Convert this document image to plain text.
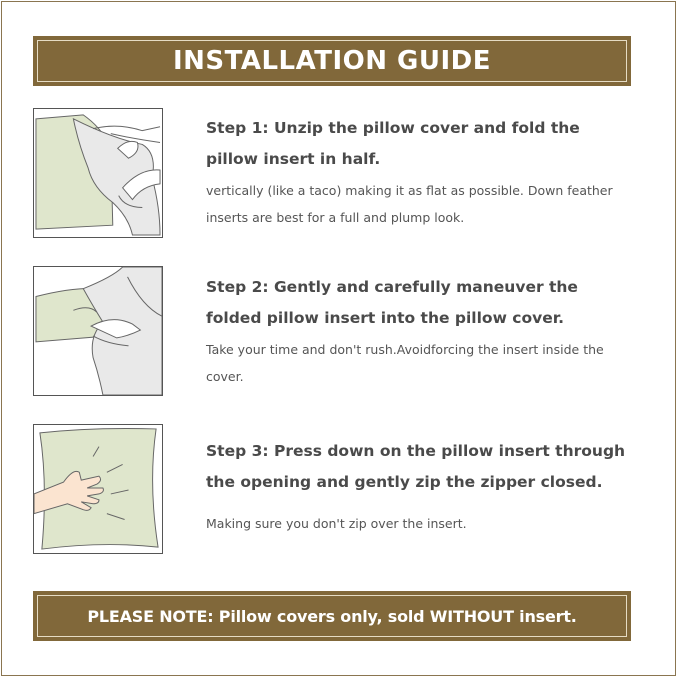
INSTALLATION GUIDE

Step 1: Unzip the pillow cover and fold the pillow insert in half.

vertically (like a taco) making it as flat as possible. Down feather inserts are best for a full and plump look.

Step 2: Gently and carefully maneuver the folded pillow insert into the pillow cover.

Take your time and don't rush.Avoidforcing the insert inside the cover.

Step 3: Press down on the pillow insert through the opening and gently zip the zipper closed.

Making sure you don't zip over the insert.

PLEASE NOTE: Pillow covers only, sold WITHOUT insert.
